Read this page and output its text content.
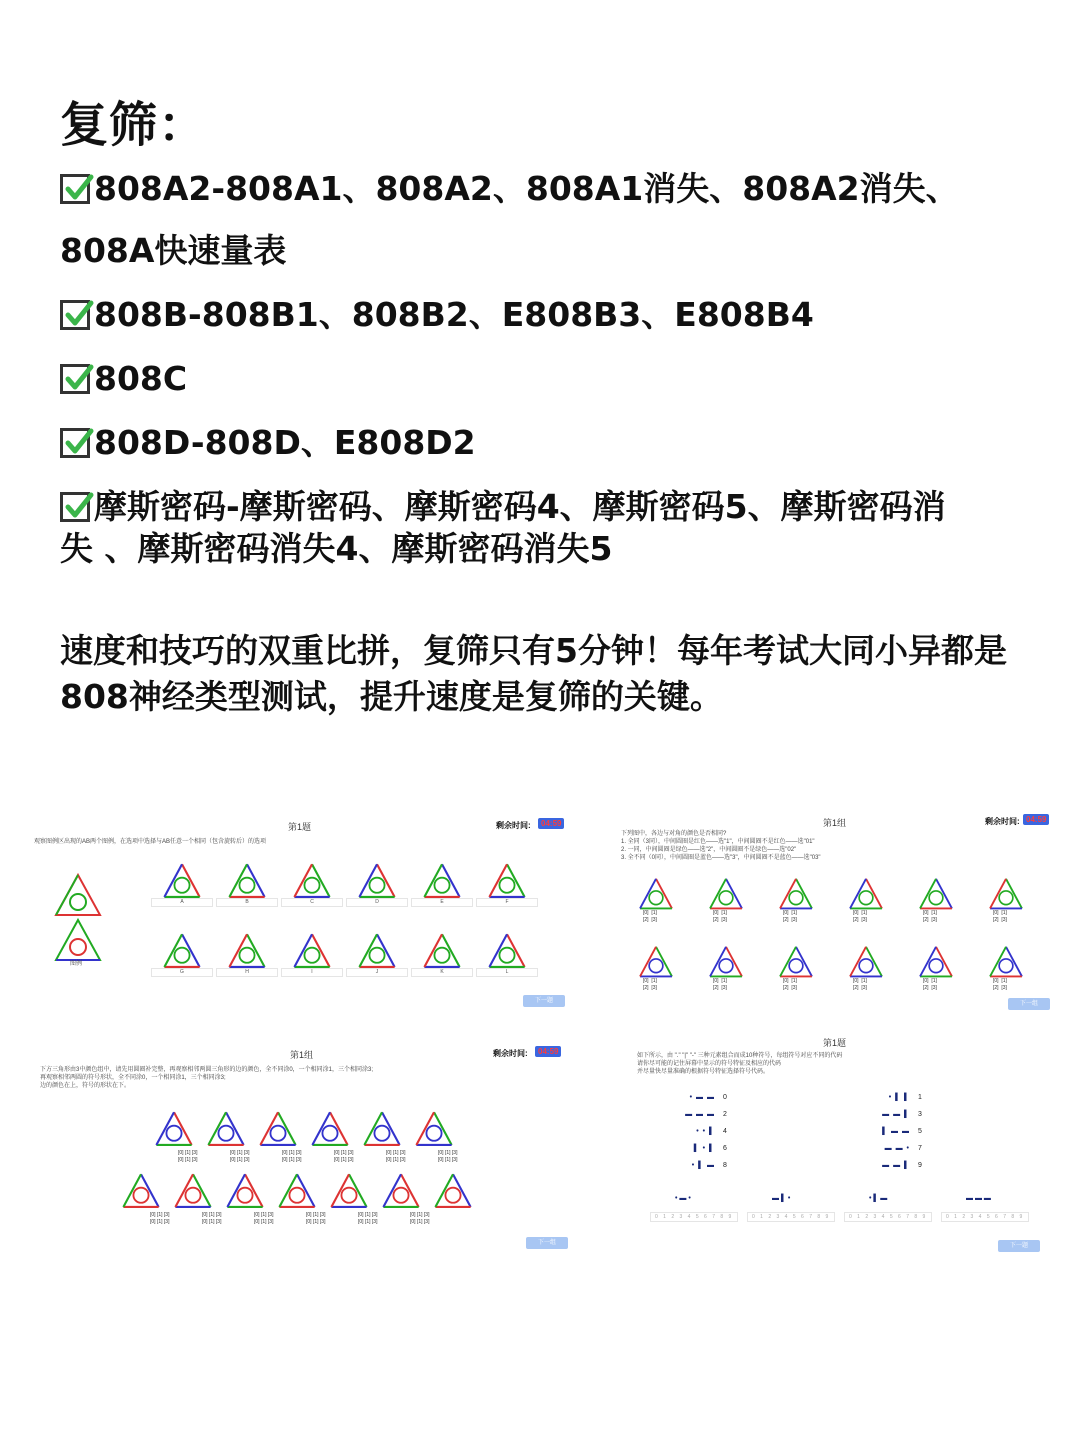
复筛：
808A2-808A1、808A2、808A1消失、808A2消失、
808A快速量表
808B-808B1、808B2、E808B3、E808B4
808C
808D-808D、E808D2
摩斯密码-摩斯密码、摩斯密码4、摩斯密码5、摩斯密码消
失 、摩斯密码消失4、摩斯密码消失5
速度和技巧的双重比拼，复筛只有5分钟！每年考试大同小异都是808神经类型测试，提升速度是复筛的关键。
第1题	剩余时间:	04:59
观察图例区出现的AB两个图例，在选项中选择与AB任意一个相同（包含旋转后）的选项
图例
A	B	C	D	E	F
G	H	I	J	K	L
下一题
第1组	剩余时间: 04:59
下列图中，各边与对角的颜色是否相同?
1. 全同（3同），中间圆圈是红色——选"1"，中间圆圈不是红色——选"01"
2. 一同，中间圆圈是绿色——选"2"，中间圆圈不是绿色——选"02"
3. 全不同（0同），中间圆圈是蓝色——选"3"，中间圆圈不是蓝色——选"03"
[0]  [1]
[2]  [3]
[0]  [1]
[2]  [3]
[0]  [1]
[2]  [3]
[0]  [1]
[2]  [3]
[0]  [1]
[2]  [3]
[0]  [1]
[2]  [3]
[0]  [1]
[2]  [3]
[0]  [1]
[2]  [3]
[0]  [1]
[2]  [3]
[0]  [1]
[2]  [3]
[0]  [1]
[2]  [3]
[0]  [1]
[2]  [3]
下一组
第1组	剩余时间:	04:59
下方三角形由3中颜色组中，请先用圆圈补完整，再观察相邻两圆三角形的边的颜色，全不同涂0，一个相同涂1，三个相同涂3;
再观察相邻两圆的符号形状，全不同涂0，一个相同涂1，三个相同涂3;
边的颜色在上，符号的形状在下。
[0] [1] [3]
[0] [1] [3]
[0] [1] [3]
[0] [1] [3]
[0] [1] [3]
[0] [1] [3]
[0] [1] [3]
[0] [1] [3]
[0] [1] [3]
[0] [1] [3]
[0] [1] [3]
[0] [1] [3]
[0] [1] [3]
[0] [1] [3]
[0] [1] [3]
[0] [1] [3]
[0] [1] [3]
[0] [1] [3]
[0] [1] [3]
[0] [1] [3]
[0] [1] [3]
[0] [1] [3]
[0] [1] [3]
[0] [1] [3]
下一组
第1题
如下所示，由 "." "|" "-" 三种元素组合而成10种符号，每组符号对应不同的代码
请你尽可能的记住屏幕中显示的符号特征及相应的代码
并尽量快尽量准确的根据符号特征选择符号代码。
• ▬ ▬ 0
▬ ▬ ▬ 2
• • ▌ 4
▌ • ▌ 6
• ▌ ▬ 8
• ▌ ▌ 1
▬ ▬ ▌ 3
▌ ▬ ▬ 5
▬ ▬ • 7
▬ ▬ ▌ 9
• ▬ •
0 1 2 3 4 5 6 7 8 9
▬ ▌ •
0 1 2 3 4 5 6 7 8 9
• ▌ ▬
0 1 2 3 4 5 6 7 8 9
▬ ▬ ▬
0 1 2 3 4 5 6 7 8 9
下一题
